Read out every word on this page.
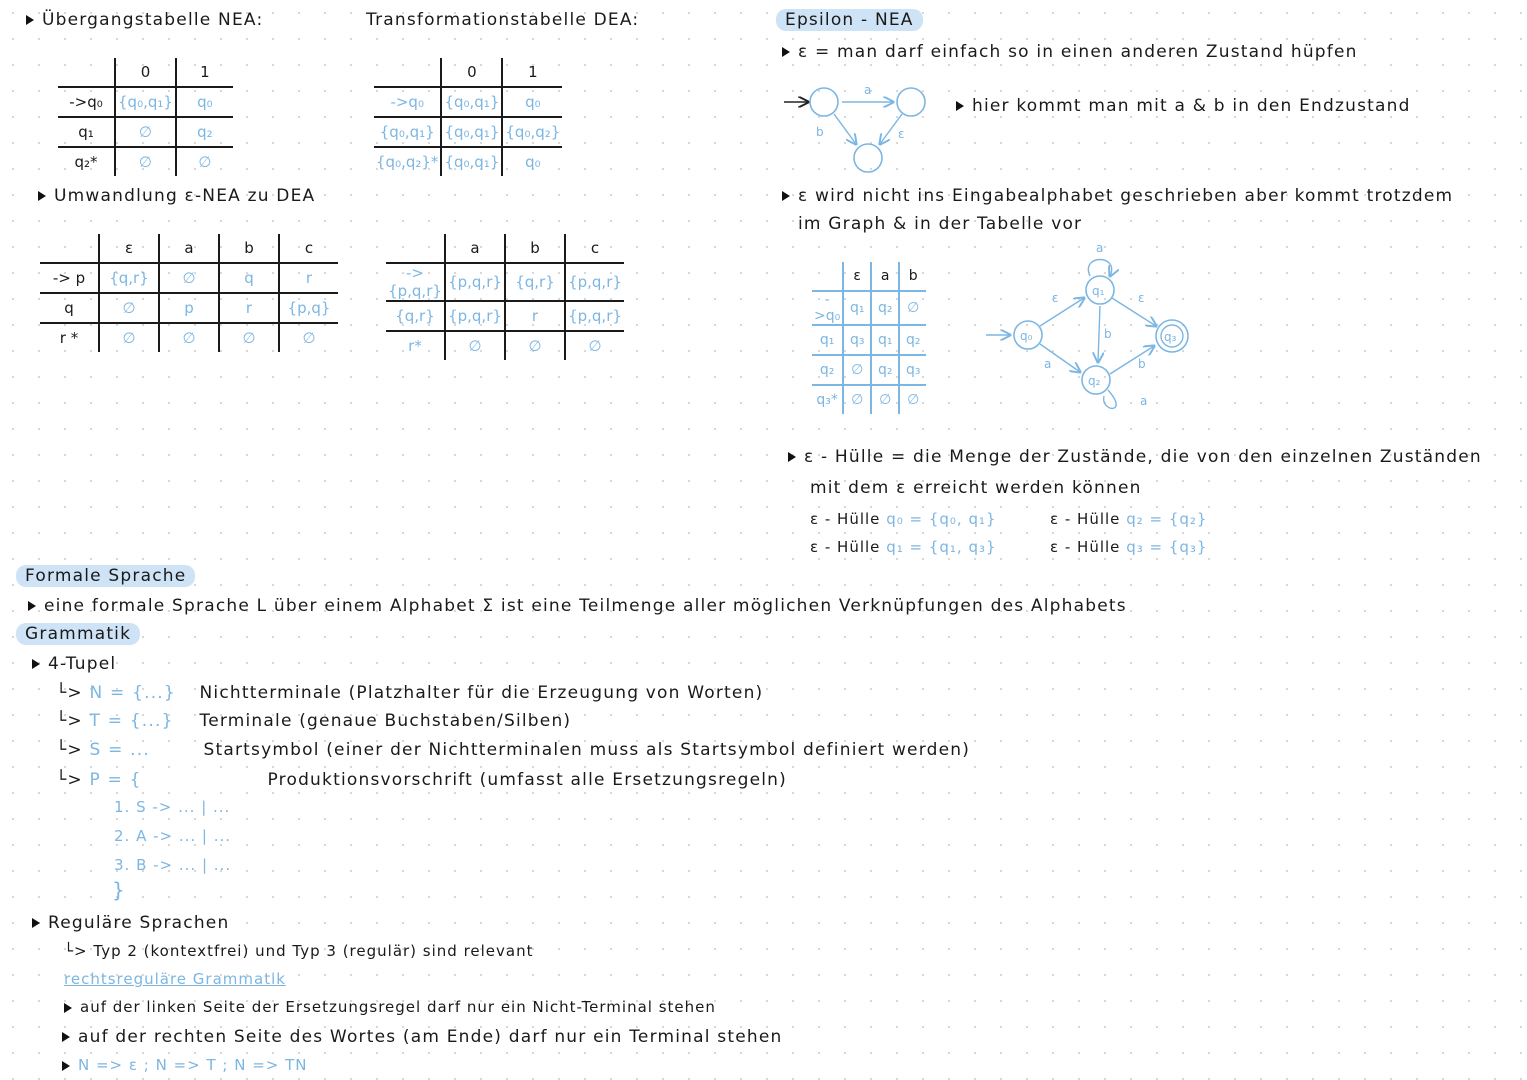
Übergangstabelle NEA:	Transformationstabelle DEA:
	0	1
->q₀	{q₀,q₁}	q₀
q₁	∅	q₂
q₂*	∅	∅
	0	1
->q₀	{q₀,q₁}	q₀
{q₀,q₁}	{q₀,q₁}	{q₀,q₂}
{q₀,q₂}*	{q₀,q₁}	q₀
Umwandlung ε-NEA zu DEA
	ε	a	b	c
-> p	{q,r}	∅	q	r
q	∅	p	r	{p,q}
r *	∅	∅	∅	∅
	a	b	c
->{p,q,r}	{p,q,r}	{q,r}	{p,q,r}
{q,r}	{p,q,r}	r	{p,q,r}
r*	∅	∅	∅
Epsilon - NEA
ε = man darf einfach so in einen anderen Zustand hüpfen
a
b	ε
hier kommt man mit a & b in den Endzustand
ε wird nicht ins Eingabealphabet geschrieben aber kommt trotzdem
im Graph & in der Tabelle vor
	ε	a	b
->q₀	q₁	q₂	∅
q₁	q₃	q₁	q₂
q₂	∅	q₂	q₃
q₃*	∅	∅	∅
q₀
q₁
q₂
q₃
ε	ε
a
b
a	b
a
ε - Hülle = die Menge der Zustände, die von den einzelnen Zuständen
mit dem ε erreicht werden können
ε - Hülle q₀ = {q₀, q₁}
ε - Hülle q₁ = {q₁, q₃}
ε - Hülle q₂ = {q₂}
ε - Hülle q₃ = {q₃}
Formale Sprache
eine formale Sprache L über einem Alphabet Σ ist eine Teilmenge aller möglichen Verknüpfungen des Alphabets
Grammatik
4-Tupel
└> N = {...} Nichtterminale (Platzhalter für die Erzeugung von Worten)
└> T = {...} Terminale (genaue Buchstaben/Silben)
└> S = ...	Startsymbol (einer der Nichtterminalen muss als Startsymbol definiert werden)
└> P = {	Produktionsvorschrift (umfasst alle Ersetzungsregeln)
1. S -> ... | ...
2. A -> ... | ...
3. B -> ... | ...
}
Reguläre Sprachen
└> Typ 2 (kontextfrei) und Typ 3 (regulär) sind relevant
rechtsreguläre Grammatik
auf der linken Seite der Ersetzungsregel darf nur ein Nicht-Terminal stehen
auf der rechten Seite des Wortes (am Ende) darf nur ein Terminal stehen
N => ε ; N => T ; N => TN
